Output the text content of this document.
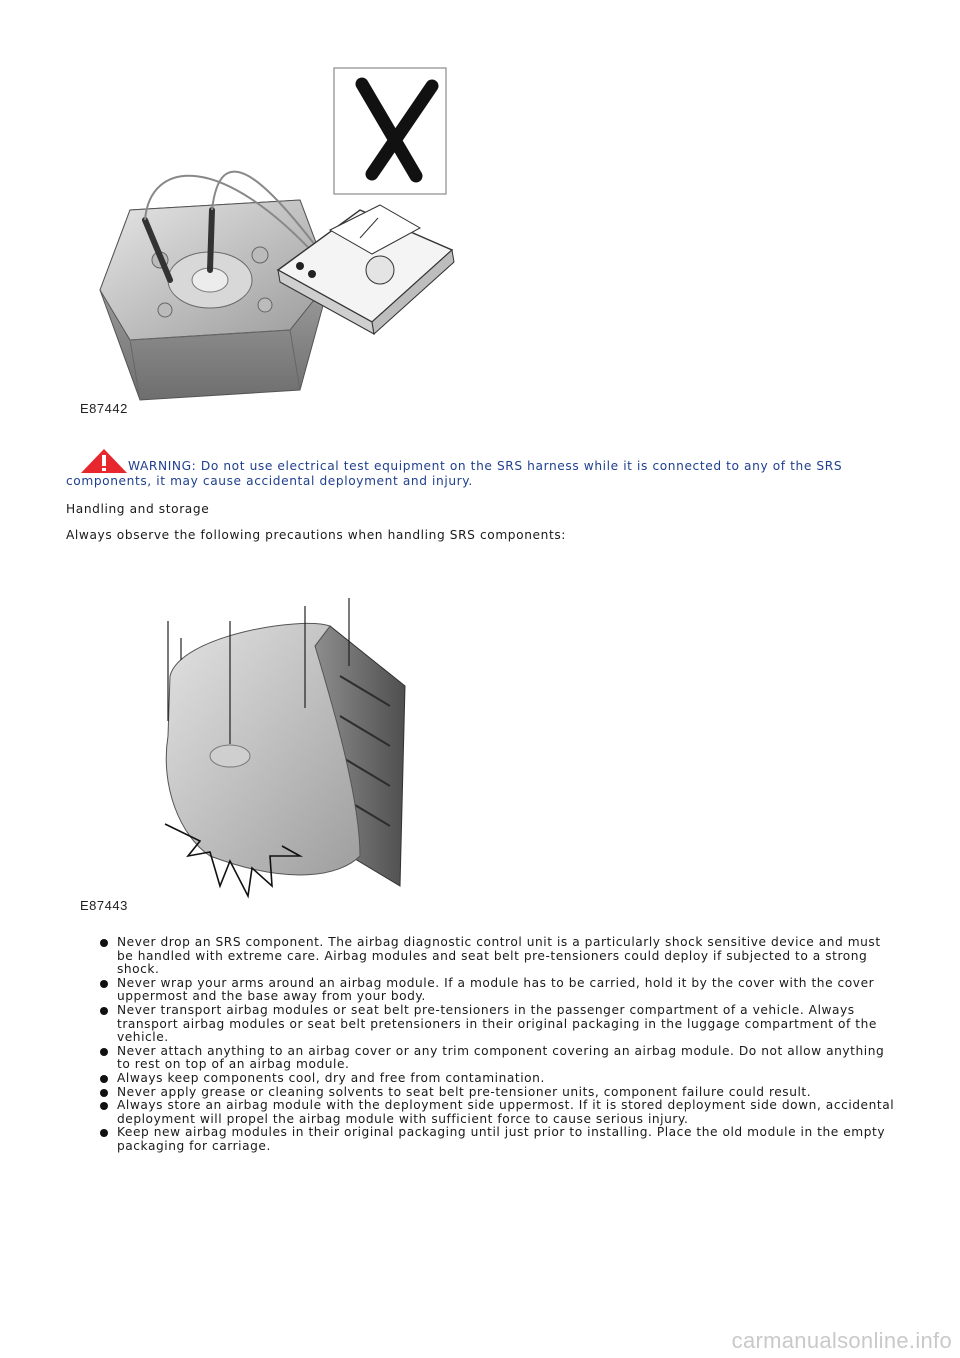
E87442
WARNING: Do not use electrical test equipment on the SRS harness while it is connected to any of the SRS components, it may cause accidental deployment and injury.
Handling and storage
Always observe the following precautions when handling SRS components:
E87443
Never drop an SRS component. The airbag diagnostic control unit is a particularly shock sensitive device and must be handled with extreme care. Airbag modules and seat belt pre-tensioners could deploy if subjected to a strong shock.
Never wrap your arms around an airbag module. If a module has to be carried, hold it by the cover with the cover uppermost and the base away from your body.
Never transport airbag modules or seat belt pre-tensioners in the passenger compartment of a vehicle. Always transport airbag modules or seat belt pretensioners in their original packaging in the luggage compartment of the vehicle.
Never attach anything to an airbag cover or any trim component covering an airbag module. Do not allow anything to rest on top of an airbag module.
Always keep components cool, dry and free from contamination.
Never apply grease or cleaning solvents to seat belt pre-tensioner units, component failure could result.
Always store an airbag module with the deployment side uppermost. If it is stored deployment side down, accidental deployment will propel the airbag module with sufficient force to cause serious injury.
Keep new airbag modules in their original packaging until just prior to installing. Place the old module in the empty packaging for carriage.
carmanualsonline.info
